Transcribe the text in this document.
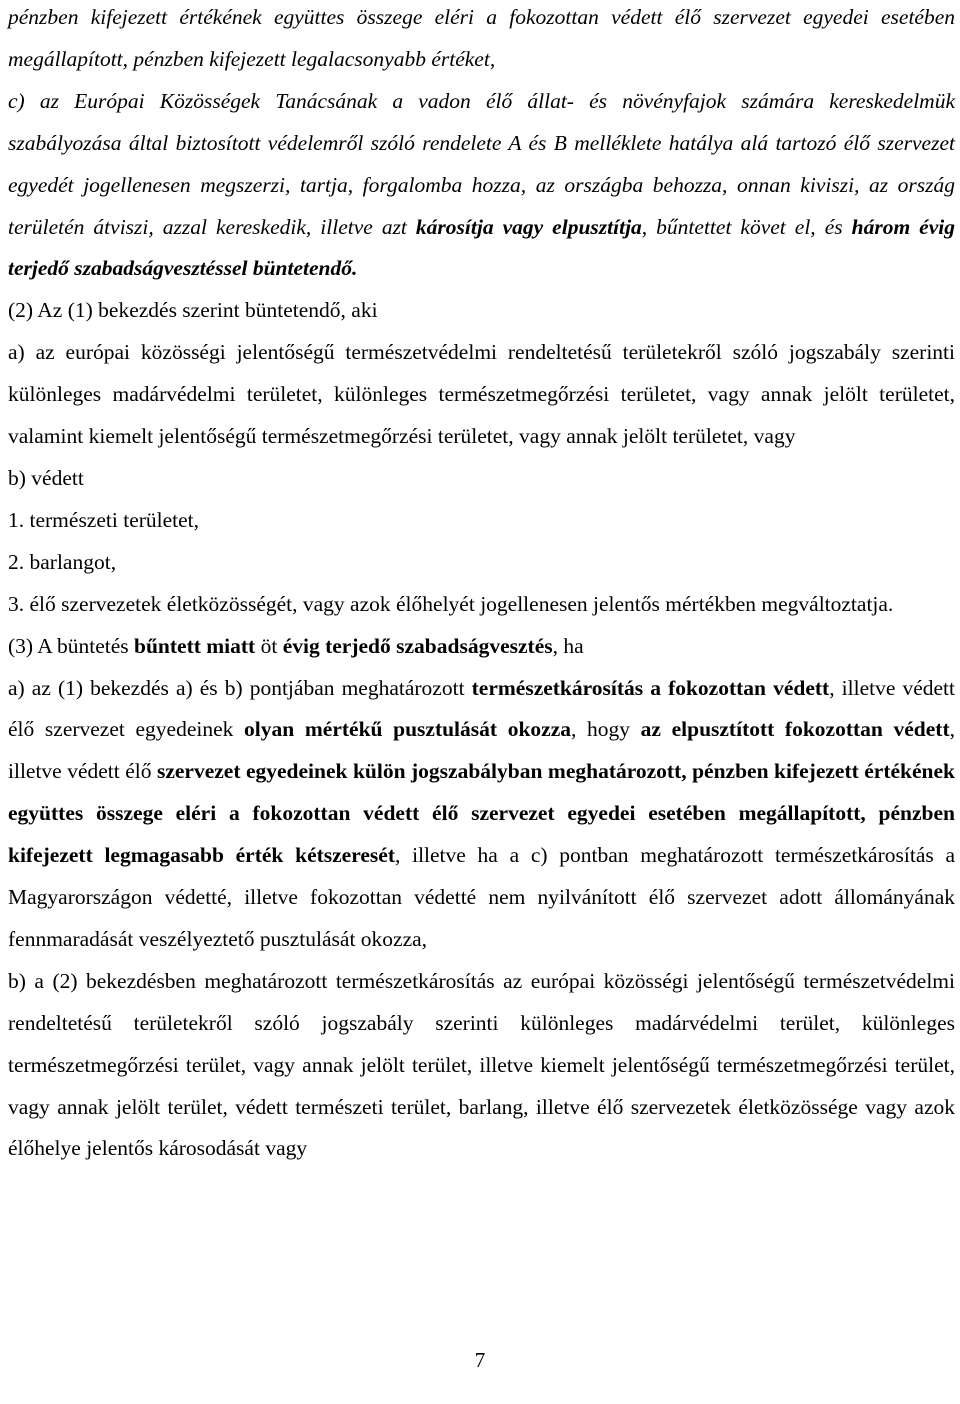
pénzben kifejezett értékének együttes összege eléri a fokozottan védett élő szervezet egyedei esetében megállapított, pénzben kifejezett legalacsonyabb értéket,

c) az Európai Közösségek Tanácsának a vadon élő állat- és növényfajok számára kereskedelmük szabályozása által biztosított védelemről szóló rendelete A és B melléklete hatálya alá tartozó élő szervezet egyedét jogellenesen megszerzi, tartja, forgalomba hozza, az országba behozza, onnan kiviszi, az ország területén átviszi, azzal kereskedik, illetve azt károsítja vagy elpusztítja, bűntettet követ el, és három évig terjedő szabadságvesztéssel büntetendő.

(2) Az (1) bekezdés szerint büntetendő, aki

a) az európai közösségi jelentőségű természetvédelmi rendeltetésű területekről szóló jogszabály szerinti különleges madárvédelmi területet, különleges természetmegőrzési területet, vagy annak jelölt területet, valamint kiemelt jelentőségű természetmegőrzési területet, vagy annak jelölt területet, vagy

b) védett

1. természeti területet,

2. barlangot,

3. élő szervezetek életközösségét, vagy azok élőhelyét jogellenesen jelentős mértékben megváltoztatja.

(3) A büntetés bűntett miatt öt évig terjedő szabadságvesztés, ha

a) az (1) bekezdés a) és b) pontjában meghatározott természetkárosítás a fokozottan védett, illetve védett élő szervezet egyedeinek olyan mértékű pusztulását okozza, hogy az elpusztított fokozottan védett, illetve védett élő szervezet egyedeinek külön jogszabályban meghatározott, pénzben kifejezett értékének együttes összege eléri a fokozottan védett élő szervezet egyedei esetében megállapított, pénzben kifejezett legmagasabb érték kétszeresét, illetve ha a c) pontban meghatározott természetkárosítás a Magyarországon védetté, illetve fokozottan védetté nem nyilvánított élő szervezet adott állományának fennmaradását veszélyeztető pusztulását okozza,

b) a (2) bekezdésben meghatározott természetkárosítás az európai közösségi jelentőségű természetvédelmi rendeltetésű területekről szóló jogszabály szerinti különleges madárvédelmi terület, különleges természetmegőrzési terület, vagy annak jelölt terület, illetve kiemelt jelentőségű természetmegőrzési terület, vagy annak jelölt terület, védett természeti terület, barlang, illetve élő szervezetek életközössége vagy azok élőhelye jelentős károsodását vagy

7
